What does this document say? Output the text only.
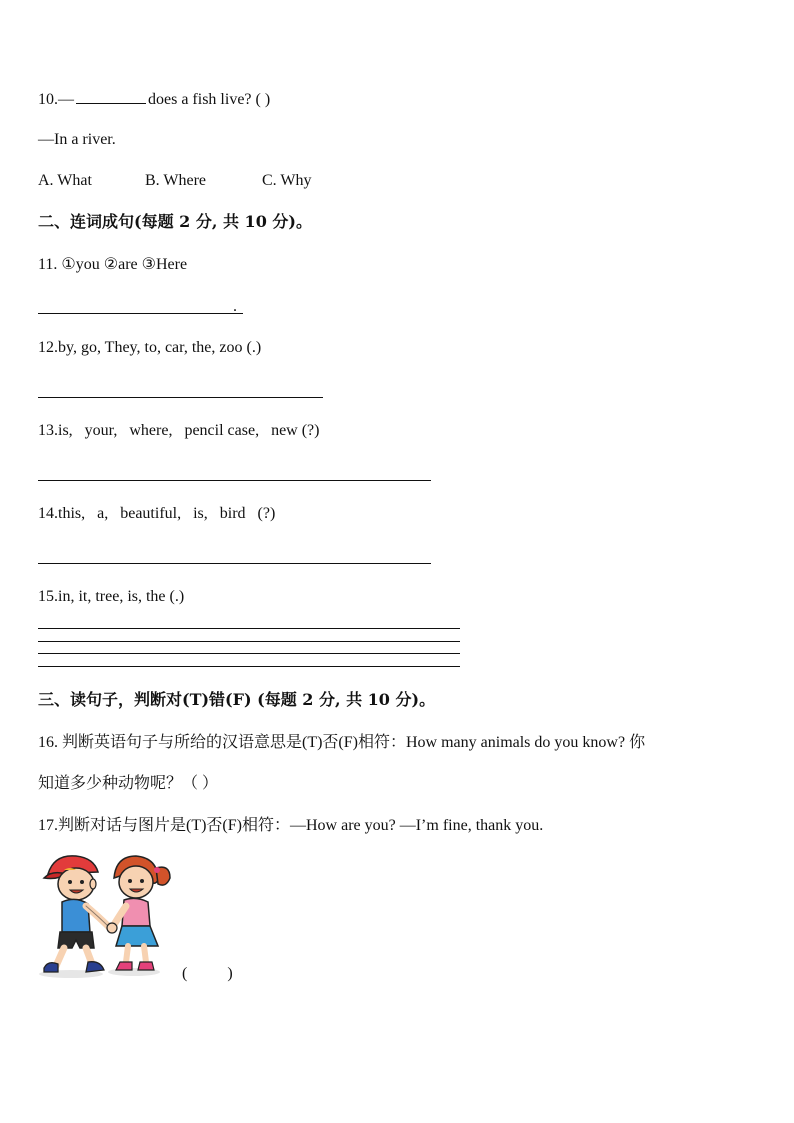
10.—	does a fish live? ( )
—In a river.
A. What	B. Where	C. Why
二、连词成句(每题 2 分, 共 10 分)。
11. ①you ②are ③Here
.
12.by, go, They, to, car, the, zoo (.)
13.is,   your,   where,   pencil case,   new (?)
14.this,   a,   beautiful,   is,   bird   (?)
15.in, it, tree, is, the (.)
三、读句子，判断对(T)错(F) (每题 2 分, 共 10 分)。
16. 判断英语句子与所给的汉语意思是(T)否(F)相符：How many animals do you know? 你
知道多少种动物呢？（ ）
17.判断对话与图片是(T)否(F)相符：—How are you? —I’m fine, thank you.
(          )
